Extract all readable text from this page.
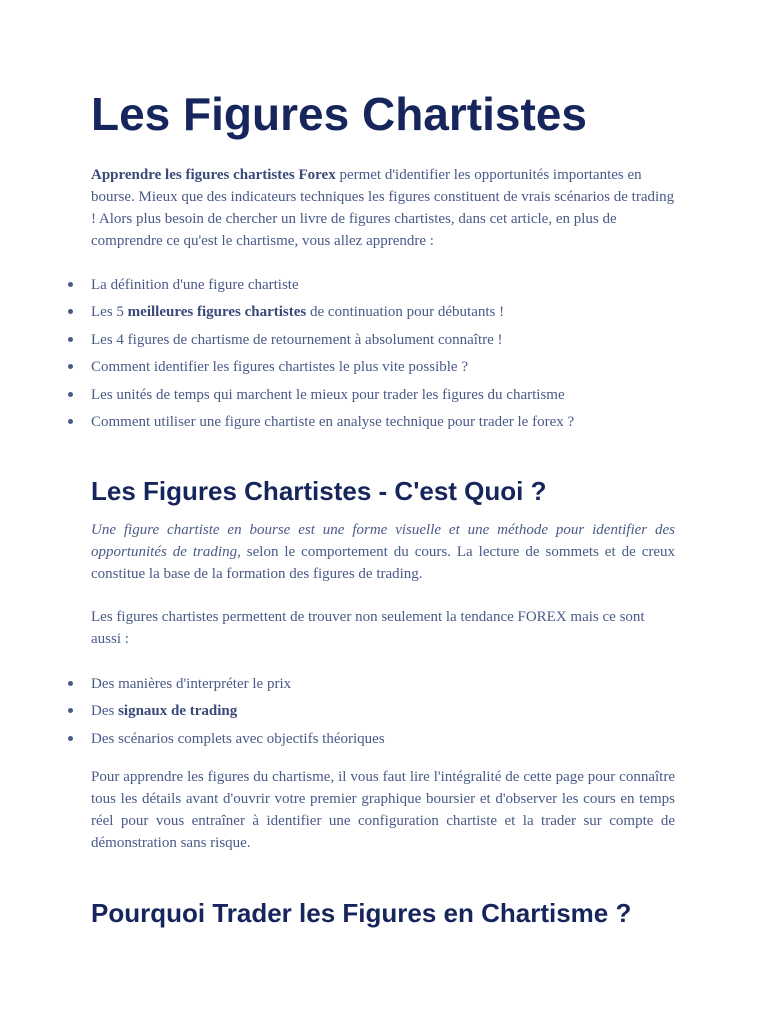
Les Figures Chartistes

Apprendre les figures chartistes Forex permet d'identifier les opportunités importantes en bourse. Mieux que des indicateurs techniques les figures constituent de vrais scénarios de trading ! Alors plus besoin de chercher un livre de figures chartistes, dans cet article, en plus de comprendre ce qu'est le chartisme, vous allez apprendre :

La définition d'une figure chartiste
Les 5 meilleures figures chartistes de continuation pour débutants !
Les 4 figures de chartisme de retournement à absolument connaître !
Comment identifier les figures chartistes le plus vite possible ?
Les unités de temps qui marchent le mieux pour trader les figures du chartisme
Comment utiliser une figure chartiste en analyse technique pour trader le forex ?
Les Figures Chartistes - C'est Quoi ?

Une figure chartiste en bourse est une forme visuelle et une méthode pour identifier des opportunités de trading, selon le comportement du cours. La lecture de sommets et de creux constitue la base de la formation des figures de trading.

Les figures chartistes permettent de trouver non seulement la tendance FOREX mais ce sont aussi :

Des manières d'interpréter le prix
Des signaux de trading
Des scénarios complets avec objectifs théoriques

Pour apprendre les figures du chartisme, il vous faut lire l'intégralité de cette page pour connaître tous les détails avant d'ouvrir votre premier graphique boursier et d'observer les cours en temps réel pour vous entraîner à identifier une configuration chartiste et la trader sur compte de démonstration sans risque.

Pourquoi Trader les Figures en Chartisme ?
